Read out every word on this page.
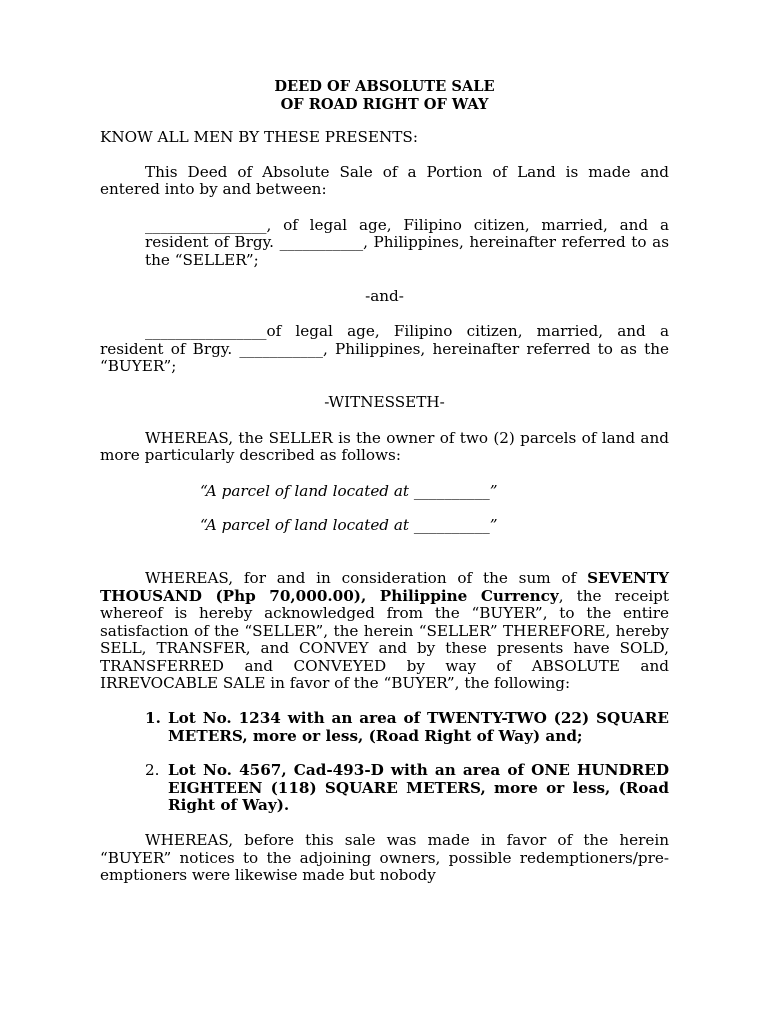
DEED OF ABSOLUTE SALE
OF ROAD RIGHT OF WAY

KNOW ALL MEN BY THESE PRESENTS:

This Deed of Absolute Sale of a Portion of Land is made and entered into by and between:

________________, of legal age, Filipino citizen, married, and a resident of Brgy. ___________, Philippines, hereinafter referred to as the “SELLER”;

-and-

________________of legal age, Filipino citizen, married, and a resident of Brgy. ___________, Philippines, hereinafter referred to as the “BUYER”;

-WITNESSETH-

WHEREAS, the SELLER is the owner of two (2) parcels of land and more particularly described as follows:

“A parcel of land located at __________”

“A parcel of land located at __________”

WHEREAS, for and in consideration of the sum of SEVENTY THOUSAND (Php 70,000.00), Philippine Currency, the receipt whereof is hereby acknowledged from the “BUYER”, to the entire satisfaction of the “SELLER”, the herein “SELLER” THEREFORE, hereby SELL, TRANSFER, and CONVEY and by these presents have SOLD, TRANSFERRED and CONVEYED by way of ABSOLUTE and IRREVOCABLE SALE in favor of the “BUYER”, the following:

1. Lot No. 1234 with an area of TWENTY-TWO (22) SQUARE METERS, more or less, (Road Right of Way) and;
2. Lot No. 4567, Cad-493-D with an area of ONE HUNDRED EIGHTEEN (118) SQUARE METERS, more or less, (Road Right of Way).

WHEREAS, before this sale was made in favor of the herein “BUYER” notices to the adjoining owners, possible redemptioners/pre-emptioners were likewise made but nobody
